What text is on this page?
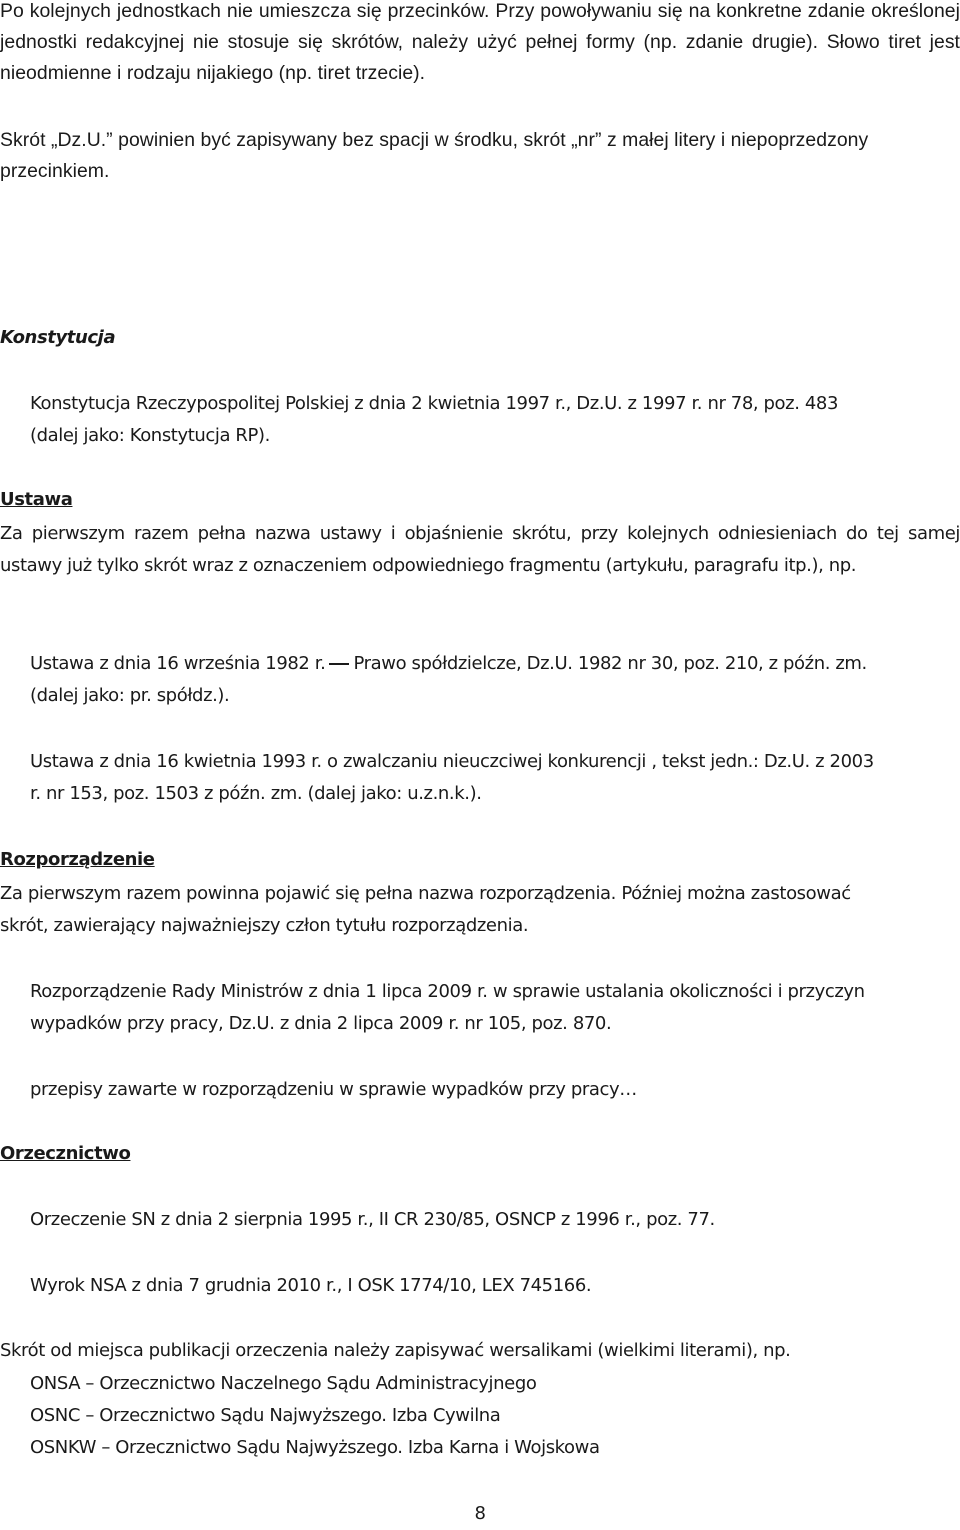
Po kolejnych jednostkach nie umieszcza się przecinków. Przy powoływaniu się na konkretne zdanie określonej jednostki redakcyjnej nie stosuje się skrótów, należy użyć pełnej formy (np. zdanie drugie). Słowo tiret jest nieodmienne i rodzaju nijakiego (np. tiret trzecie).

Skrót „Dz.U.” powinien być zapisywany bez spacji w środku, skrót „nr” z małej litery i niepoprzedzony przecinkiem.

Konstytucja
Konstytucja Rzeczypospolitej Polskiej z dnia 2 kwietnia 1997 r., Dz.U. z 1997 r. nr 78, poz. 483
(dalej jako: Konstytucja RP).
Ustawa

Za pierwszym razem pełna nazwa ustawy i objaśnienie skrótu, przy kolejnych odniesieniach do tej samej ustawy już tylko skrót wraz z oznaczeniem odpowiedniego fragmentu (artykułu, paragrafu itp.), np.

Ustawa z dnia 16 września 1982 r. Prawo spółdzielcze, Dz.U. 1982 nr 30, poz. 210, z późn. zm.
(dalej jako: pr. spółdz.).
Ustawa z dnia 16 kwietnia 1993 r. o zwalczaniu nieuczciwej konkurencji , tekst jedn.: Dz.U. z 2003
r. nr 153, poz. 1503 z późn. zm. (dalej jako: u.z.n.k.).
Rozporządzenie
Za pierwszym razem powinna pojawić się pełna nazwa rozporządzenia. Później można zastosować
skrót, zawierający najważniejszy człon tytułu rozporządzenia.
Rozporządzenie Rady Ministrów z dnia 1 lipca 2009 r. w sprawie ustalania okoliczności i przyczyn
wypadków przy pracy, Dz.U. z dnia 2 lipca 2009 r. nr 105, poz. 870.
przepisy zawarte w rozporządzeniu w sprawie wypadków przy pracy…
Orzecznictwo
Orzeczenie SN z dnia 2 sierpnia 1995 r., II CR 230/85, OSNCP z 1996 r., poz. 77.
Wyrok NSA z dnia 7 grudnia 2010 r., I OSK 1774/10, LEX 745166.
Skrót od miejsca publikacji orzeczenia należy zapisywać wersalikami (wielkimi literami), np.
ONSA – Orzecznictwo Naczelnego Sądu Administracyjnego
OSNC – Orzecznictwo Sądu Najwyższego. Izba Cywilna
OSNKW – Orzecznictwo Sądu Najwyższego. Izba Karna i Wojskowa
8
